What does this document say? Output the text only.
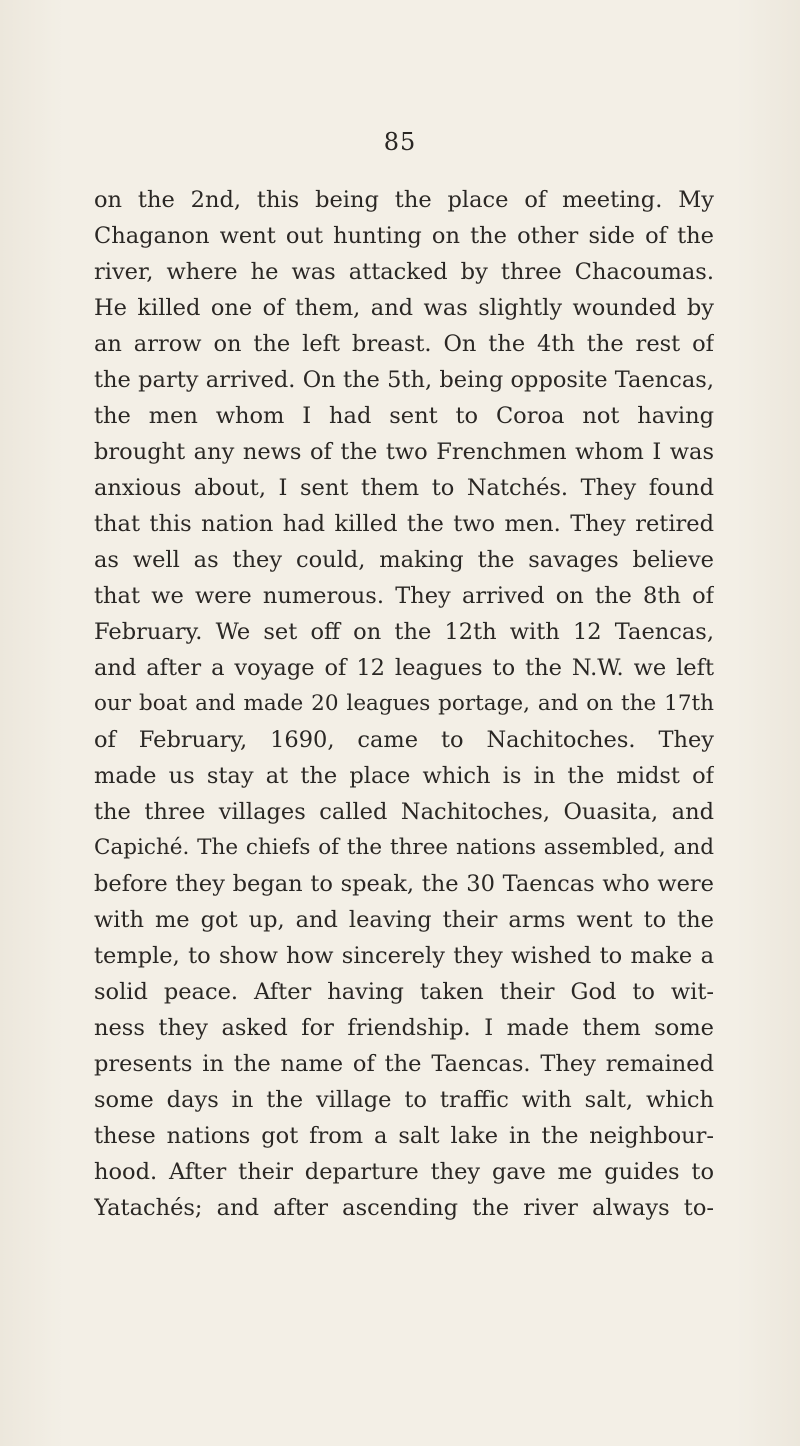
85
on the 2nd, this being the place of meeting. My
Chaganon went out hunting on the other side of the
river, where he was attacked by three Chacoumas.
He killed one of them, and was slightly wounded by
an arrow on the left breast. On the 4th the rest of
the party arrived. On the 5th, being opposite Taencas,
the men whom I had sent to Coroa not having
brought any news of the two Frenchmen whom I was
anxious about, I sent them to Natchés. They found
that this nation had killed the two men. They retired
as well as they could, making the savages believe
that we were numerous. They arrived on the 8th of
February. We set off on the 12th with 12 Taencas,
and after a voyage of 12 leagues to the N.W. we left
our boat and made 20 leagues portage, and on the 17th
of February, 1690, came to Nachitoches. They
made us stay at the place which is in the midst of
the three villages called Nachitoches, Ouasita, and
Capiché. The chiefs of the three nations assembled, and
before they began to speak, the 30 Taencas who were
with me got up, and leaving their arms went to the
temple, to show how sincerely they wished to make a
solid peace. After having taken their God to wit-
ness they asked for friendship. I made them some
presents in the name of the Taencas. They remained
some days in the village to traffic with salt, which
these nations got from a salt lake in the neighbour-
hood. After their departure they gave me guides to
Yatachés; and after ascending the river always to-
